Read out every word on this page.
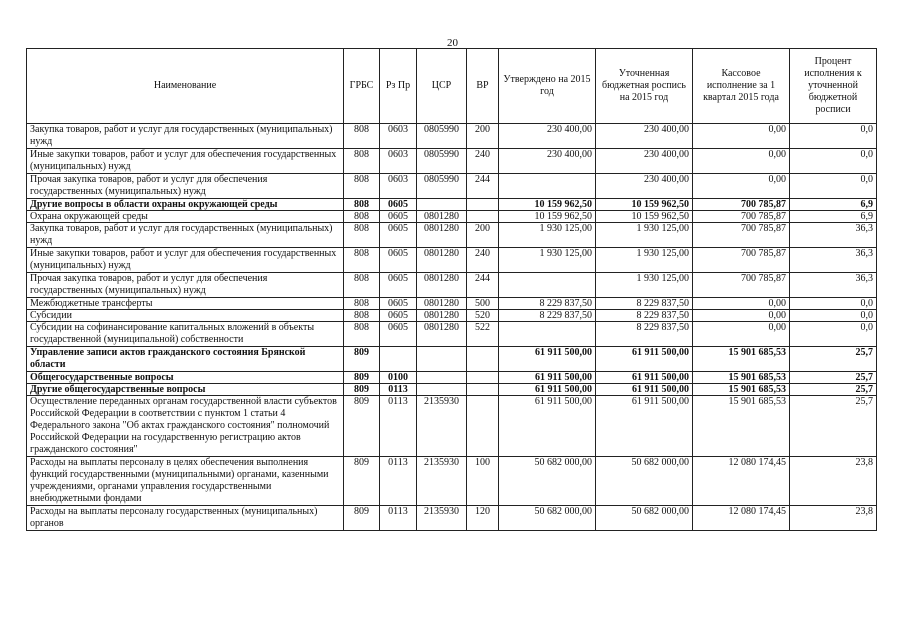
20
Наименование	ГРБС	Рз Пр	ЦСР	ВР	Утверждено на 2015 год	Уточненная бюджетная роспись на 2015 год	Кассовое исполнение за 1 квартал 2015 года	Процент исполнения к уточненной бюджетной росписи
Закупка товаров, работ и услуг для государственных (муниципальных) нужд	808	0603	0805990	200	230 400,00	230 400,00	0,00	0,0
Иные закупки товаров, работ и услуг для обеспечения государственных (муниципальных) нужд	808	0603	0805990	240	230 400,00	230 400,00	0,00	0,0
Прочая закупка товаров, работ и услуг для обеспечения государственных (муниципальных) нужд	808	0603	0805990	244		230 400,00	0,00	0,0
Другие вопросы в области охраны окружающей среды	808	0605			10 159 962,50	10 159 962,50	700 785,87	6,9
Охрана окружающей среды	808	0605	0801280		10 159 962,50	10 159 962,50	700 785,87	6,9
Закупка товаров, работ и услуг для государственных (муниципальных) нужд	808	0605	0801280	200	1 930 125,00	1 930 125,00	700 785,87	36,3
Иные закупки товаров, работ и услуг для обеспечения государственных (муниципальных) нужд	808	0605	0801280	240	1 930 125,00	1 930 125,00	700 785,87	36,3
Прочая закупка товаров, работ и услуг для обеспечения государственных (муниципальных) нужд	808	0605	0801280	244		1 930 125,00	700 785,87	36,3
Межбюджетные трансферты	808	0605	0801280	500	8 229 837,50	8 229 837,50	0,00	0,0
Субсидии	808	0605	0801280	520	8 229 837,50	8 229 837,50	0,00	0,0
Субсидии на софинансирование капитальных вложений в объекты государственной (муниципальной) собственности	808	0605	0801280	522		8 229 837,50	0,00	0,0
Управление записи актов гражданского состояния Брянской области	809				61 911 500,00	61 911 500,00	15 901 685,53	25,7
Общегосударственные вопросы	809	0100			61 911 500,00	61 911 500,00	15 901 685,53	25,7
Другие общегосударственные вопросы	809	0113			61 911 500,00	61 911 500,00	15 901 685,53	25,7
Осуществление переданных органам государственной власти субъектов Российской Федерации в соответствии с пунктом 1 статьи 4 Федерального закона "Об актах гражданского состояния" полномочий Российской Федерации на государственную регистрацию актов гражданского состояния"	809	0113	2135930		61 911 500,00	61 911 500,00	15 901 685,53	25,7
Расходы на выплаты персоналу в целях обеспечения выполнения функций государственными (муниципальными) органами, казенными учреждениями, органами управления государственными внебюджетными фондами	809	0113	2135930	100	50 682 000,00	50 682 000,00	12 080 174,45	23,8
Расходы на выплаты персоналу государственных (муниципальных) органов	809	0113	2135930	120	50 682 000,00	50 682 000,00	12 080 174,45	23,8
